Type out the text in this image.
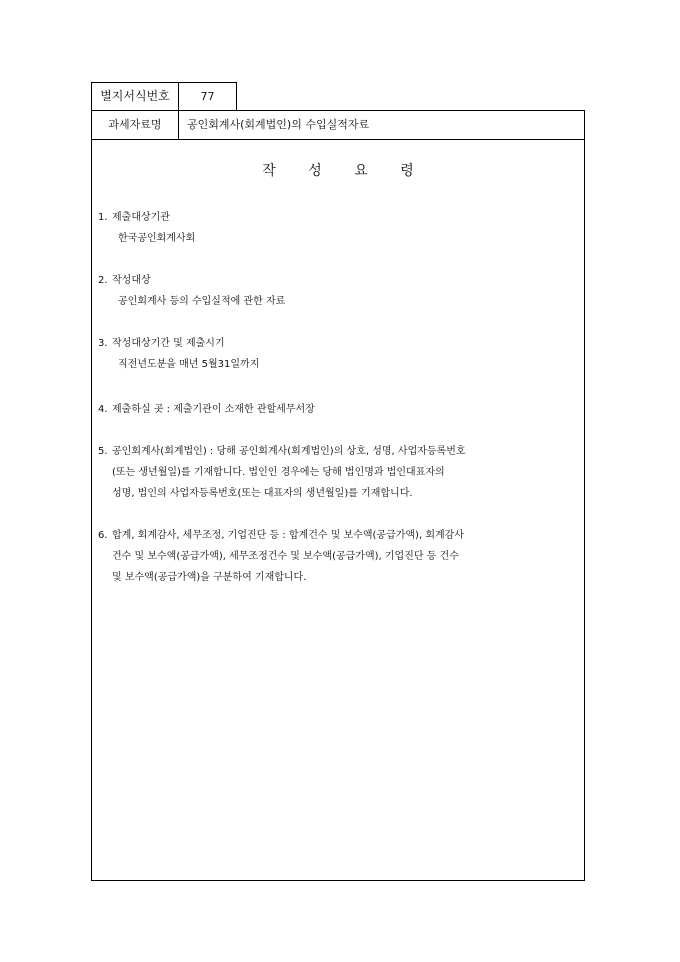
별지서식번호	77
과세자료명	공인회계사(회계법인)의 수입실적자료
작 성 요 령
1. 제출대상기관
한국공인회계사회
2. 작성대상
공인회계사 등의 수입실적에 관한 자료
3. 작성대상기간 및 제출시기
직전년도분을 매년 5월31일까지
4. 제출하실 곳 : 제출기관이 소재한 관할세무서장
5. 공인회계사(회계법인) : 당해 공인회계사(회계법인)의 상호, 성명, 사업자등록번호
(또는 생년월일)를 기재합니다. 법인인 경우에는 당해 법인명과 법인대표자의
성명, 법인의 사업자등록번호(또는 대표자의 생년월일)를 기재합니다.
6. 합계, 회계감사, 세무조정, 기업진단 등 : 합계건수 및 보수액(공급가액), 회계감사
건수 및 보수액(공급가액), 세무조정건수 및 보수액(공급가액), 기업진단 등 건수
및 보수액(공급가액)을 구분하여 기재합니다.
